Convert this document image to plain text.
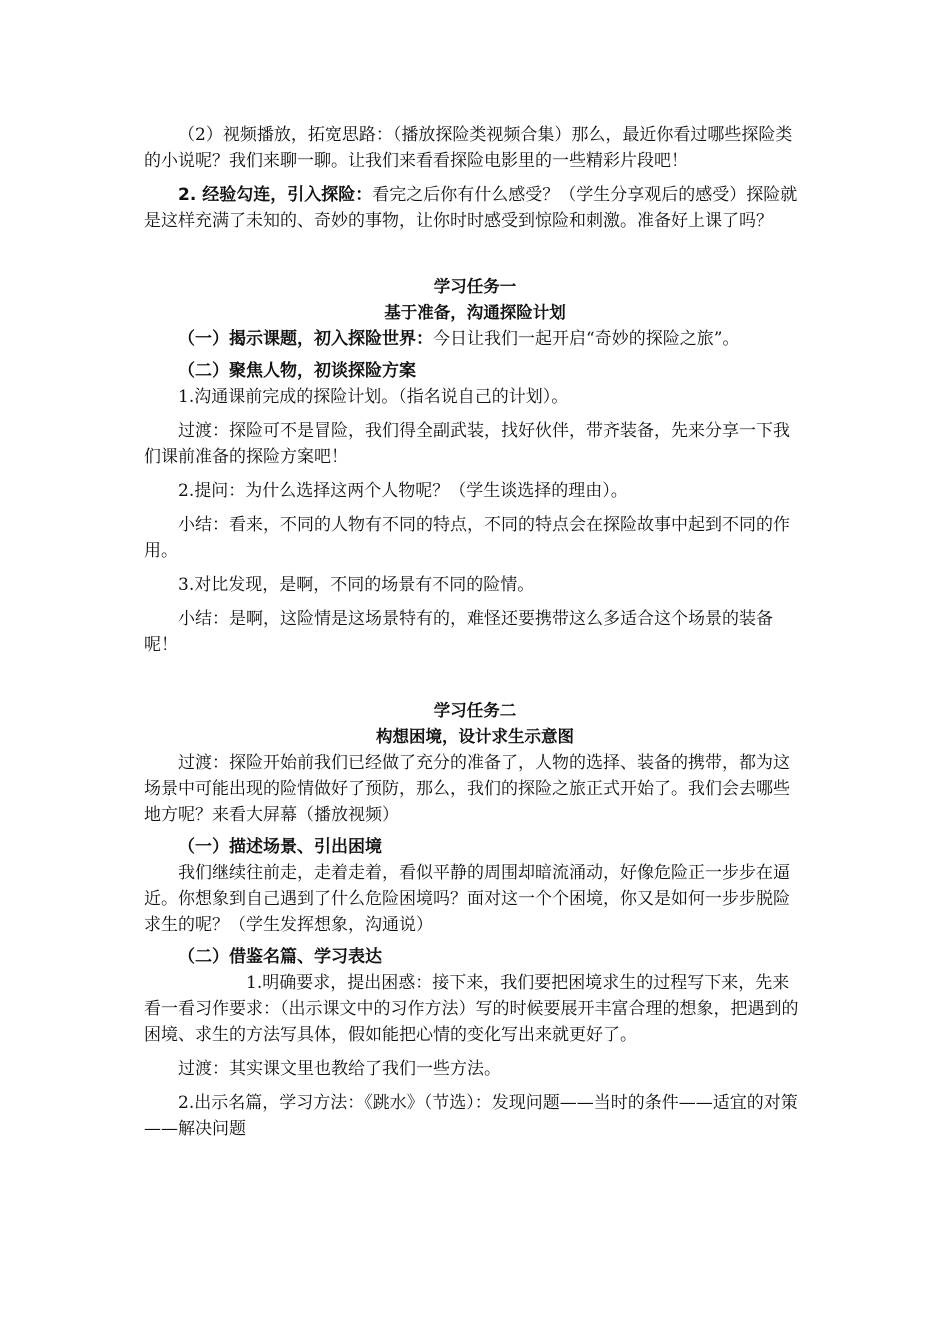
（2）视频播放，拓宽思路：（播放探险类视频合集）那么，最近你看过哪些探险类的小说呢？我们来聊一聊。让我们来看看探险电影里的一些精彩片段吧！

2. 经验勾连，引入探险：看完之后你有什么感受？（学生分享观后的感受）探险就是这样充满了未知的、奇妙的事物，让你时时感受到惊险和刺激。准备好上课了吗？

学习任务一

基于准备，沟通探险计划

（一）揭示课题，初入探险世界：今日让我们一起开启“奇妙的探险之旅”。

（二）聚焦人物，初谈探险方案

1.沟通课前完成的探险计划。（指名说自己的计划）。

过渡：探险可不是冒险，我们得全副武装，找好伙伴，带齐装备，先来分享一下我们课前准备的探险方案吧！

2.提问：为什么选择这两个人物呢？（学生谈选择的理由）。

小结：看来，不同的人物有不同的特点，不同的特点会在探险故事中起到不同的作用。

3.对比发现，是啊，不同的场景有不同的险情。

小结：是啊，这险情是这场景特有的，难怪还要携带这么多适合这个场景的装备呢！

学习任务二

构想困境，设计求生示意图

过渡：探险开始前我们已经做了充分的准备了，人物的选择、装备的携带，都为这场景中可能出现的险情做好了预防，那么，我们的探险之旅正式开始了。我们会去哪些地方呢？来看大屏幕（播放视频）

（一）描述场景、引出困境

我们继续往前走，走着走着，看似平静的周围却暗流涌动，好像危险正一步步在逼近。你想象到自己遇到了什么危险困境吗？面对这一个个困境，你又是如何一步步脱险求生的呢？（学生发挥想象，沟通说）

（二）借鉴名篇、学习表达

1.明确要求，提出困惑：接下来，我们要把困境求生的过程写下来，先来看一看习作要求：（出示课文中的习作方法）写的时候要展开丰富合理的想象，把遇到的困境、求生的方法写具体，假如能把心情的变化写出来就更好了。

过渡：其实课文里也教给了我们一些方法。

2.出示名篇，学习方法：《跳水》（节选）：发现问题——当时的条件——适宜的对策——解决问题
